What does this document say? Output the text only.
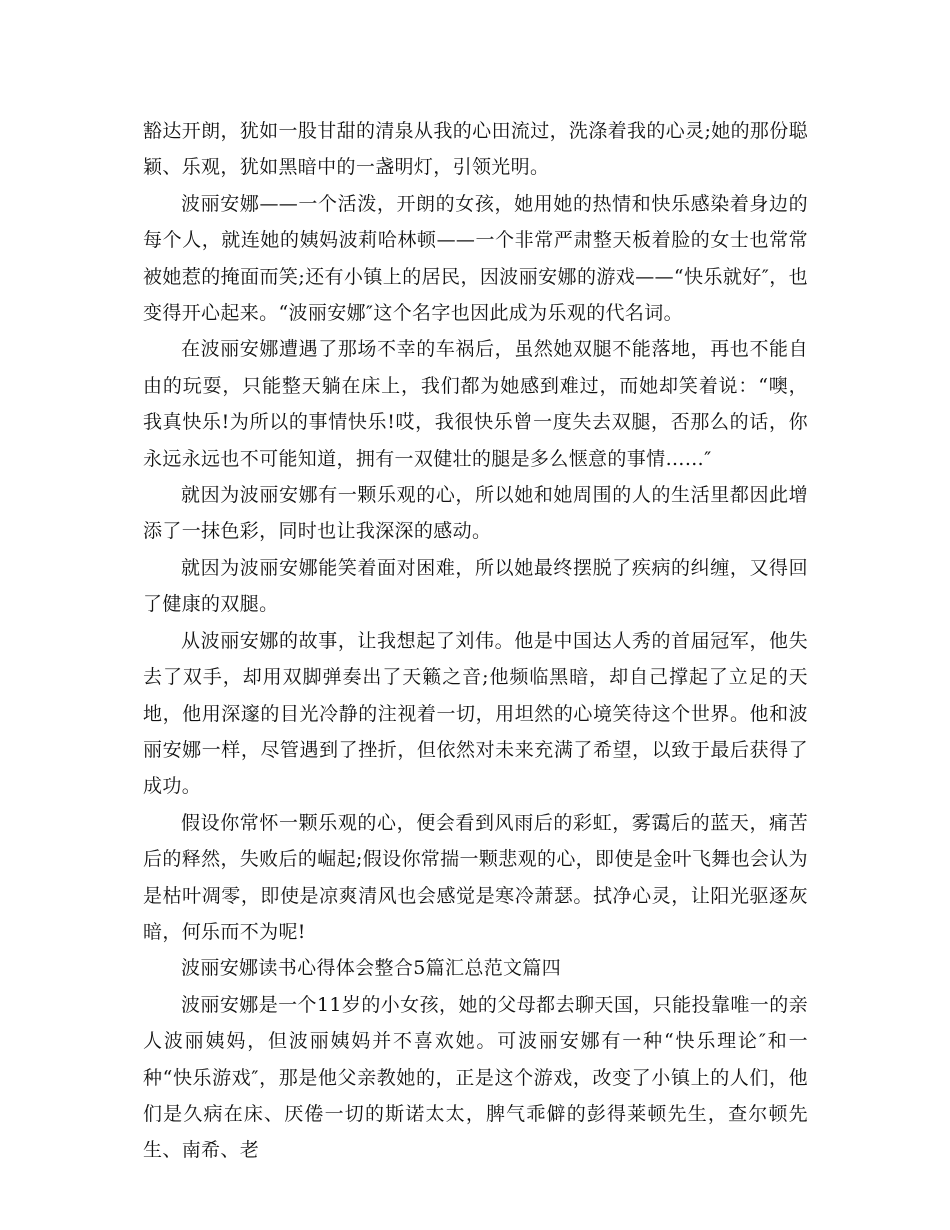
豁达开朗，犹如一股甘甜的清泉从我的心田流过，洗涤着我的心灵;她的那份聪颖、乐观，犹如黑暗中的一盏明灯，引领光明。

波丽安娜——一个活泼，开朗的女孩，她用她的热情和快乐感染着身边的每个人，就连她的姨妈波莉哈林顿——一个非常严肃整天板着脸的女士也常常被她惹的掩面而笑;还有小镇上的居民，因波丽安娜的游戏——“快乐就好″，也变得开心起来。“波丽安娜″这个名字也因此成为乐观的代名词。

在波丽安娜遭遇了那场不幸的车祸后，虽然她双腿不能落地，再也不能自由的玩耍，只能整天躺在床上，我们都为她感到难过，而她却笑着说：“噢，我真快乐!为所以的事情快乐!哎，我很快乐曾一度失去双腿，否那么的话，你永远永远也不可能知道，拥有一双健壮的腿是多么惬意的事情……″

就因为波丽安娜有一颗乐观的心，所以她和她周围的人的生活里都因此增添了一抹色彩，同时也让我深深的感动。

就因为波丽安娜能笑着面对困难，所以她最终摆脱了疾病的纠缠，又得回了健康的双腿。

从波丽安娜的故事，让我想起了刘伟。他是中国达人秀的首届冠军，他失去了双手，却用双脚弹奏出了天籁之音;他频临黑暗，却自己撑起了立足的天地，他用深邃的目光冷静的注视着一切，用坦然的心境笑待这个世界。他和波丽安娜一样，尽管遇到了挫折，但依然对未来充满了希望，以致于最后获得了成功。

假设你常怀一颗乐观的心，便会看到风雨后的彩虹，雾霭后的蓝天，痛苦后的释然，失败后的崛起;假设你常揣一颗悲观的心，即使是金叶飞舞也会认为是枯叶凋零，即使是凉爽清风也会感觉是寒冷萧瑟。拭净心灵，让阳光驱逐灰暗，何乐而不为呢!

波丽安娜读书心得体会整合5篇汇总范文篇四

波丽安娜是一个11岁的小女孩，她的父母都去聊天国，只能投靠唯一的亲人波丽姨妈，但波丽姨妈并不喜欢她。可波丽安娜有一种“快乐理论″和一种“快乐游戏″，那是他父亲教她的，正是这个游戏，改变了小镇上的人们，他们是久病在床、厌倦一切的斯诺太太，脾气乖僻的彭得莱顿先生，查尔顿先生、南希、老
